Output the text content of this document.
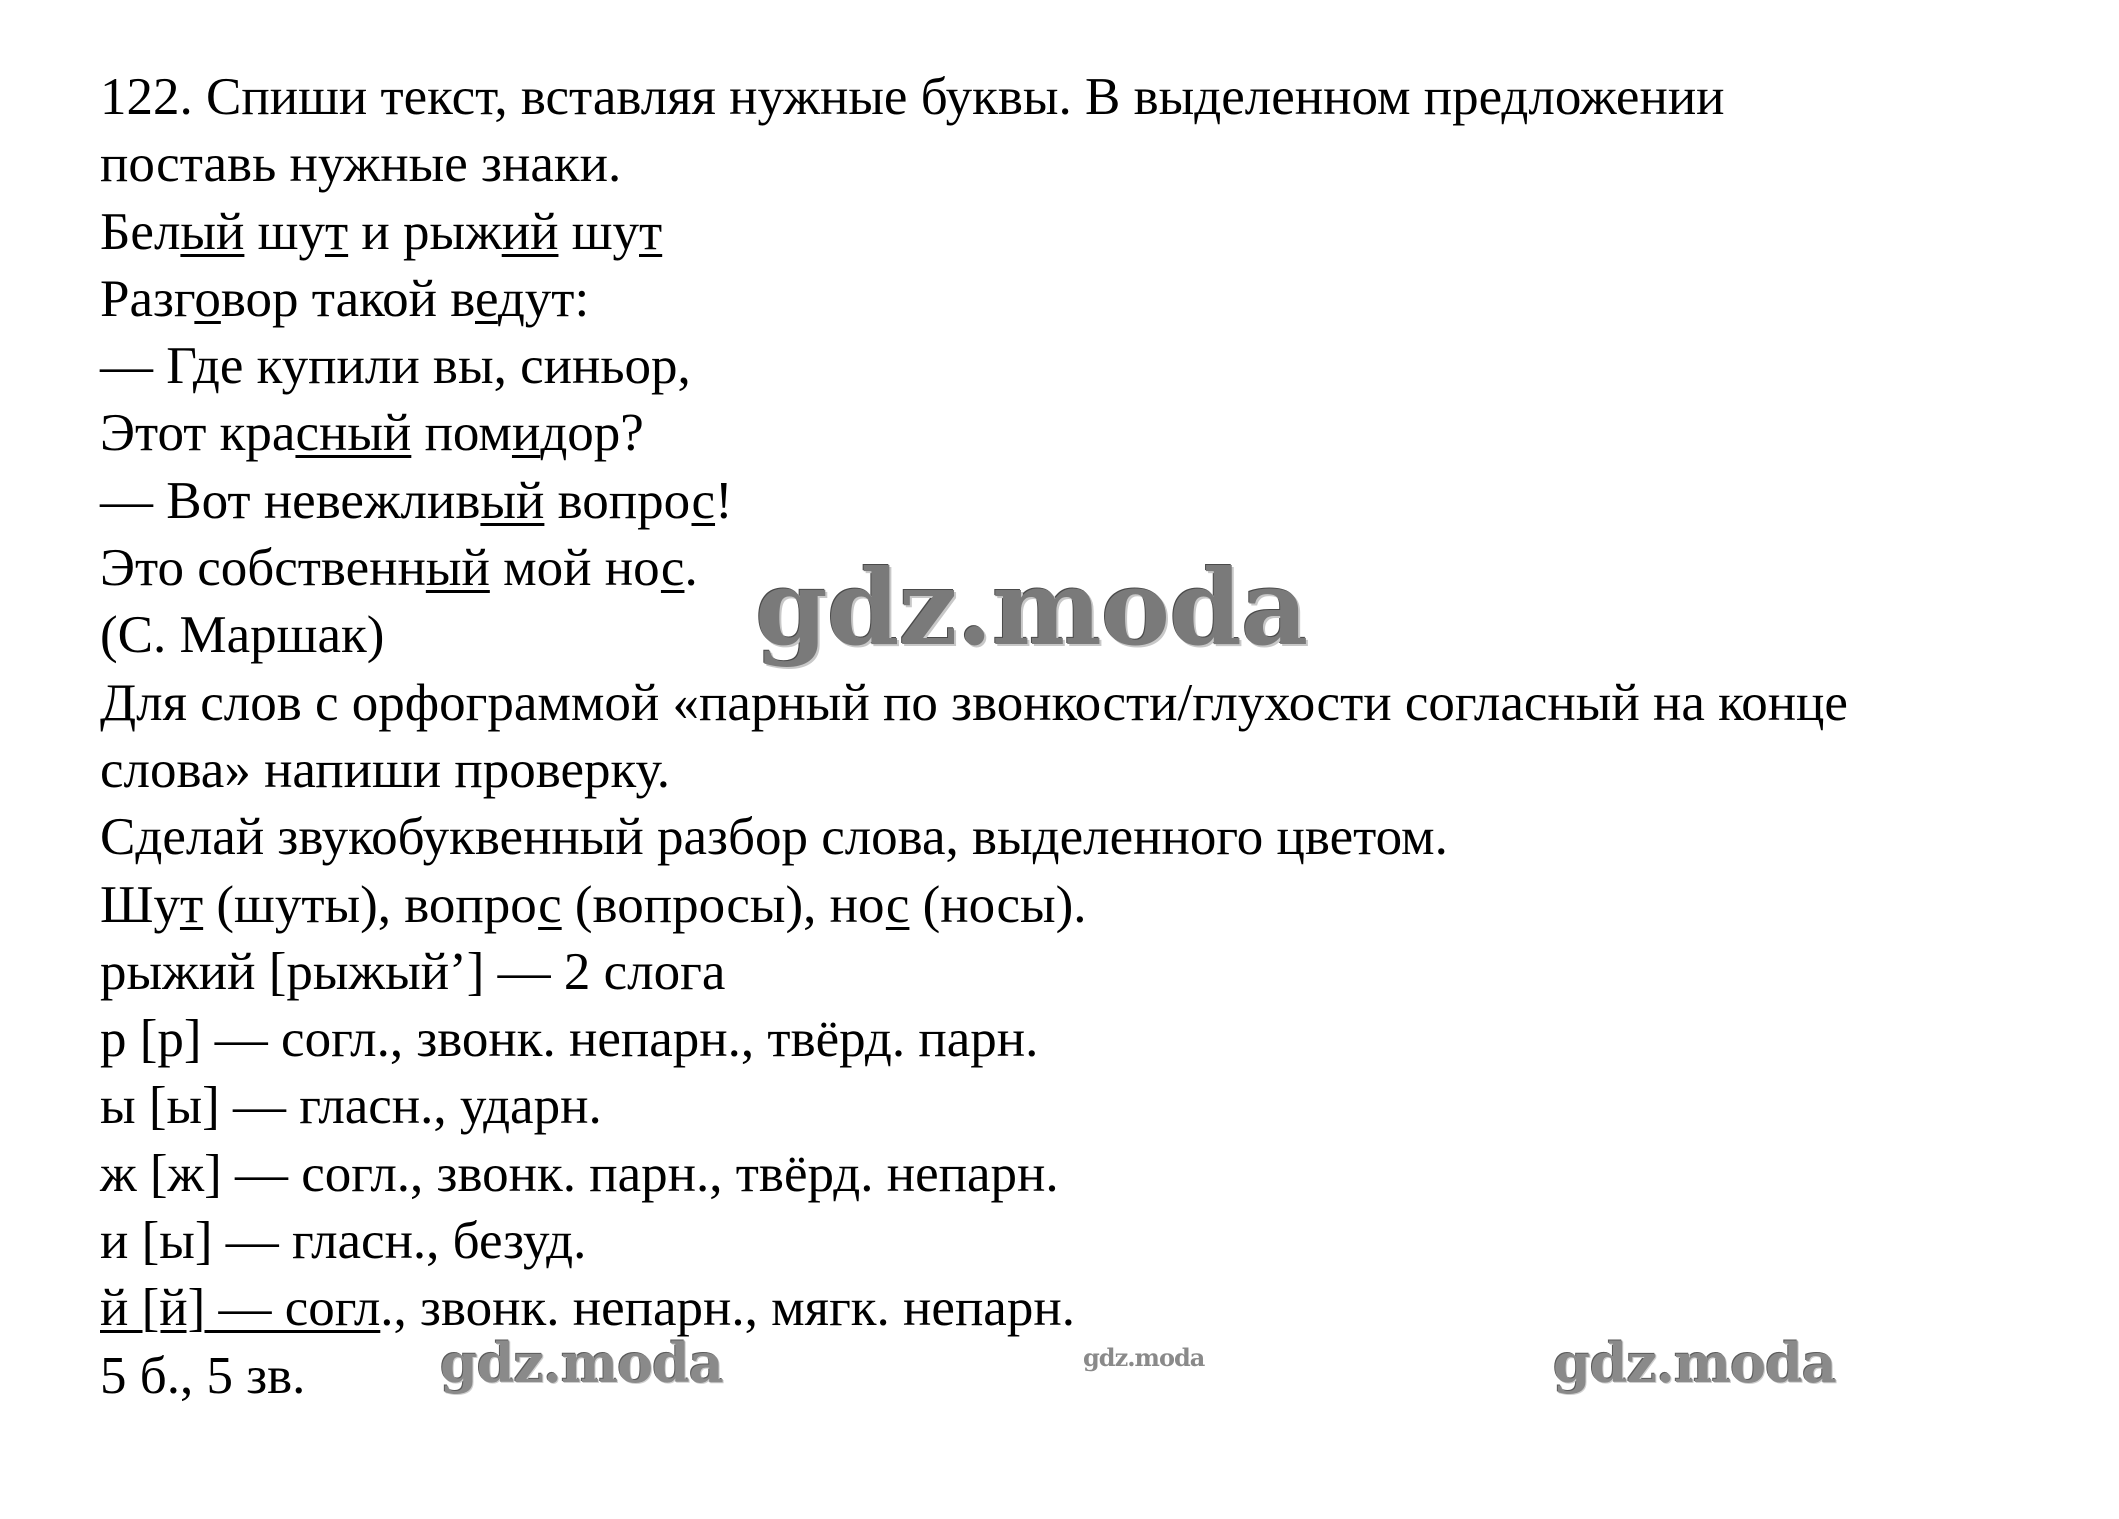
122. Спиши текст, вставляя нужные буквы. В выделенном предложении
поставь нужные знаки.
Белый шут и рыжий шут
Разговор такой ведут:
— Где купили вы, синьор,
Этот красный помидор?
— Вот невежливый вопрос!
Это собственный мой нос.
(С. Маршак)
Для слов с орфограммой «парный по звонкости/глухости согласный на конце
слова» напиши проверку.
Сделай звукобуквенный разбор слова, выделенного цветом.
Шут (шуты), вопрос (вопросы), нос (носы).
рыжий [рыжый’] — 2 слога
р [р] — согл., звонк. непарн., твёрд. парн.
ы [ы] — гласн., ударн.
ж [ж] — согл., звонк. парн., твёрд. непарн.
и [ы] — гласн., безуд.
й [й] — согл., звонк. непарн., мягк. непарн.
5 б., 5 зв.
gdz.moda
gdz.moda	gdz.moda	gdz.moda
